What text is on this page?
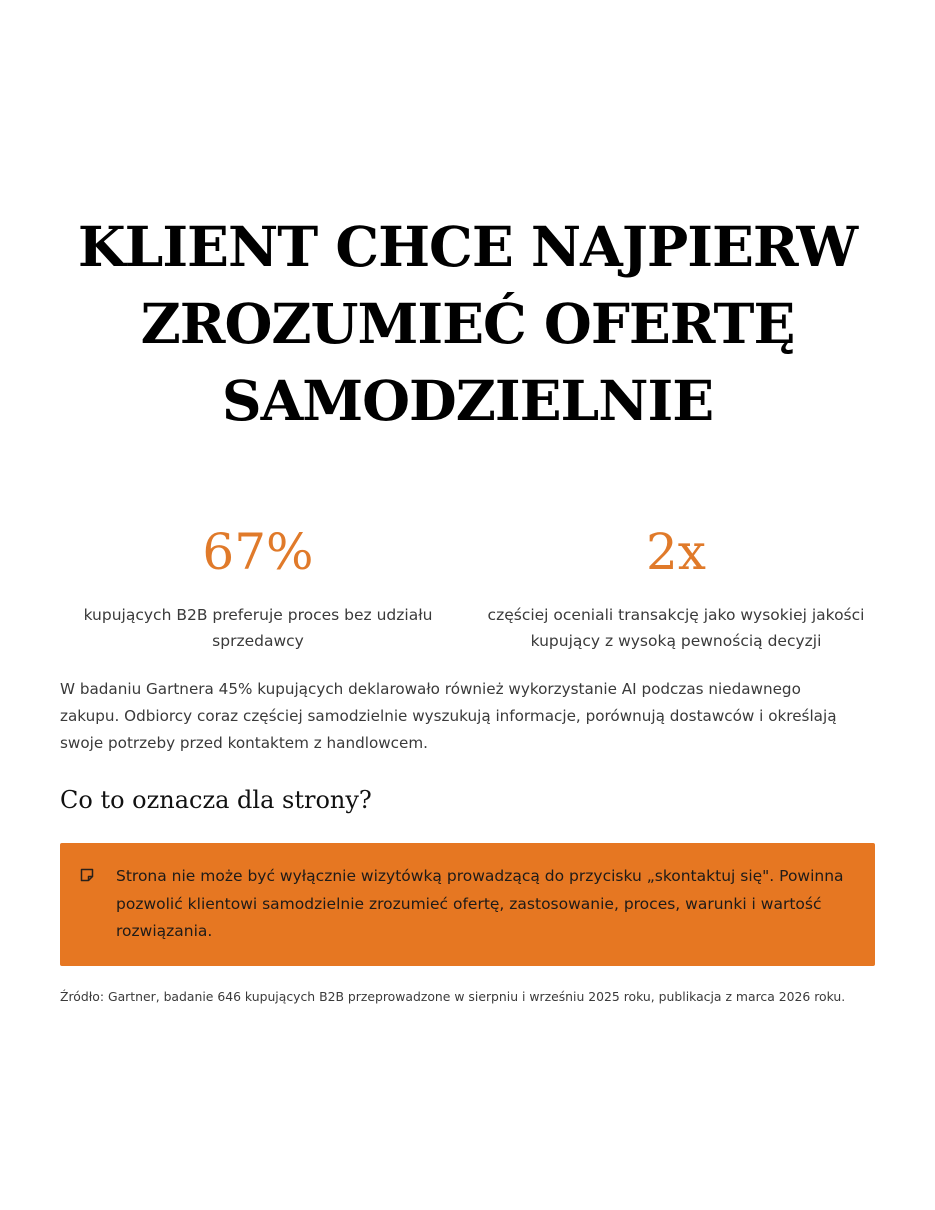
KLIENT CHCE NAJPIERW
ZROZUMIEĆ OFERTĘ
SAMODZIELNIE
67%
kupujących B2B preferuje proces bez udziału
sprzedawcy
2x
częściej oceniali transakcję jako wysokiej jakości
kupujący z wysoką pewnością decyzji

W badaniu Gartnera 45% kupujących deklarowało również wykorzystanie AI podczas niedawnego
zakupu. Odbiorcy coraz częściej samodzielnie wyszukują informacje, porównują dostawców i określają
swoje potrzeby przed kontaktem z handlowcem.

Co to oznacza dla strony?
Strona nie może być wyłącznie wizytówką prowadzącą do przycisku „skontaktuj się". Powinna
pozwolić klientowi samodzielnie zrozumieć ofertę, zastosowanie, proces, warunki i wartość
rozwiązania.

Źródło: Gartner, badanie 646 kupujących B2B przeprowadzone w sierpniu i wrześniu 2025 roku, publikacja z marca 2026 roku.
